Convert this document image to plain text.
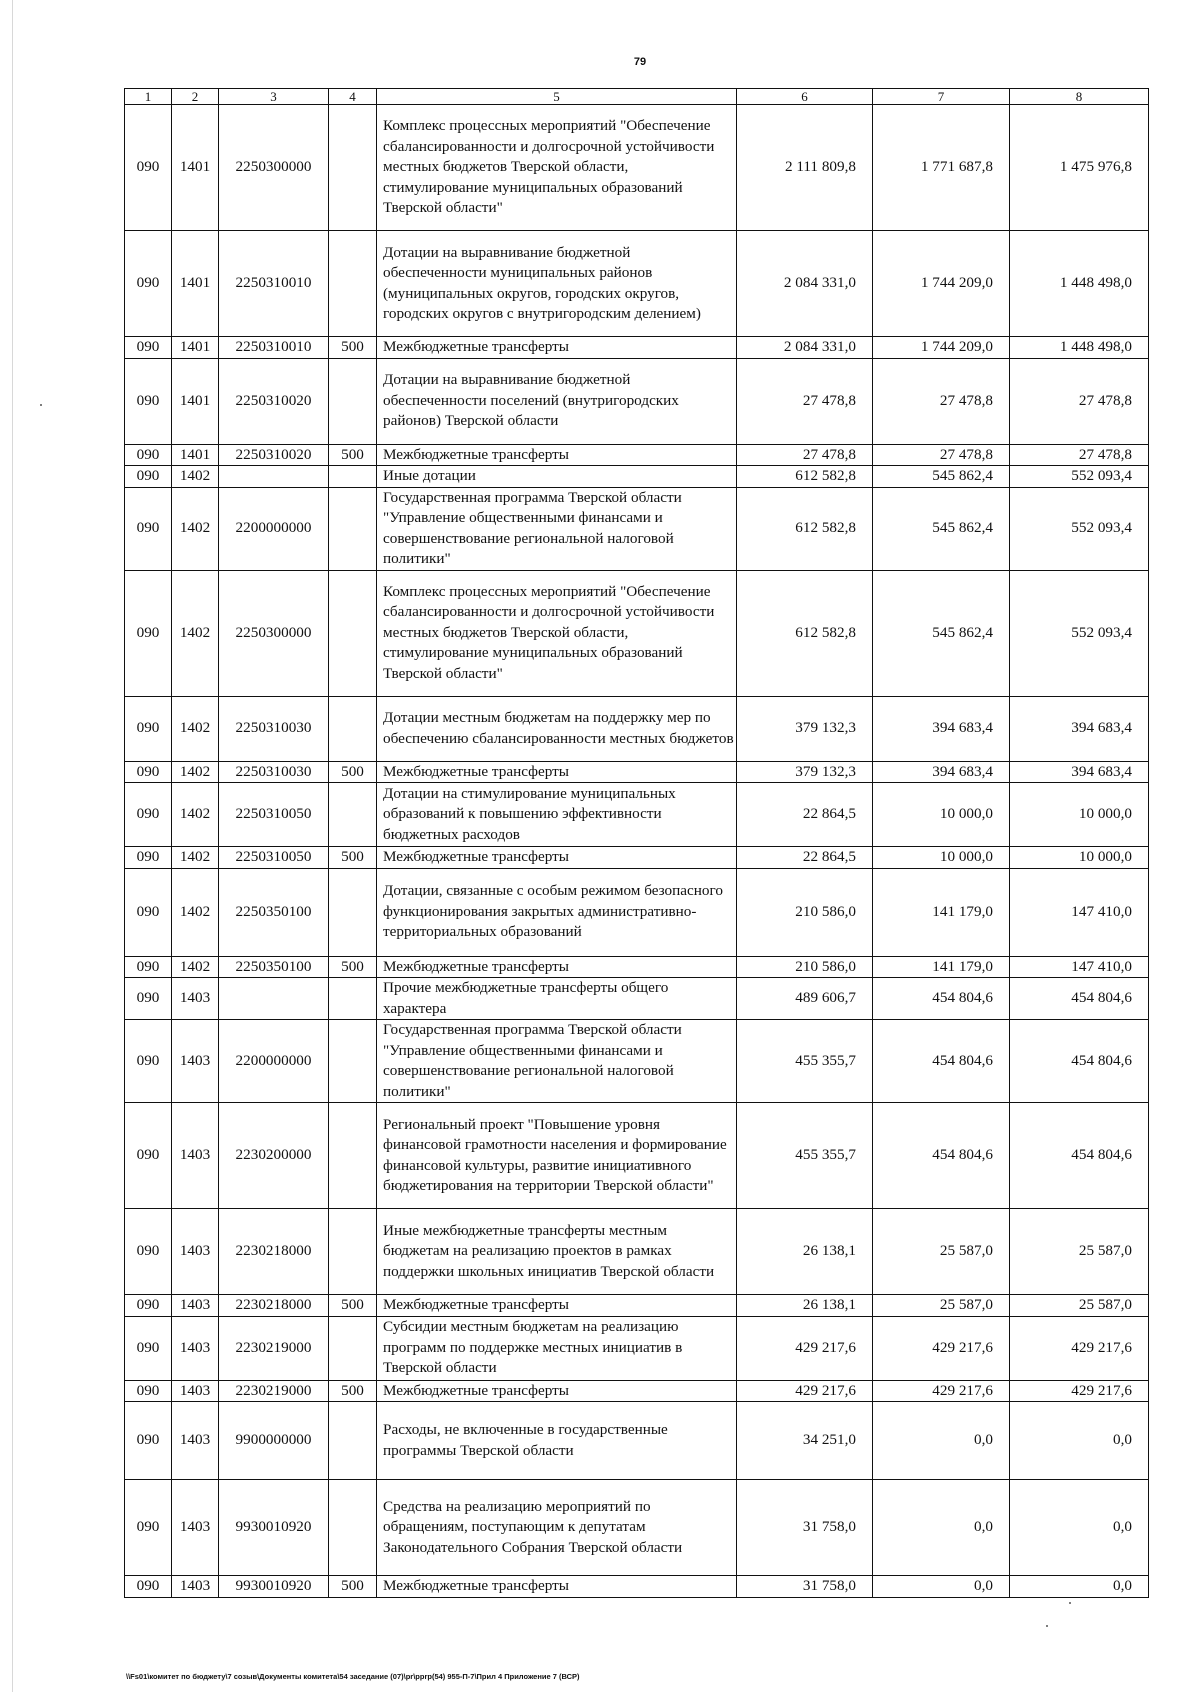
79
1	2	3	4	5	6	7	8
090	1401	2250300000		Комплекс процессных мероприятий "Обеспечение сбалансированности и долгосрочной устойчивости местных бюджетов Тверской области, стимулирование муниципальных образований Тверской области"	2 111 809,8	1 771 687,8	1 475 976,8
090	1401	2250310010		Дотации на выравнивание бюджетной обеспеченности муниципальных районов (муниципальных округов, городских округов, городских округов с внутригородским делением)	2 084 331,0	1 744 209,0	1 448 498,0
090	1401	2250310010	500	Межбюджетные трансферты	2 084 331,0	1 744 209,0	1 448 498,0
090	1401	2250310020		Дотации на выравнивание бюджетной обеспеченности поселений (внутригородских районов) Тверской области	27 478,8	27 478,8	27 478,8
090	1401	2250310020	500	Межбюджетные трансферты	27 478,8	27 478,8	27 478,8
090	1402			Иные дотации	612 582,8	545 862,4	552 093,4
090	1402	2200000000		Государственная программа Тверской области "Управление общественными финансами и совершенствование региональной налоговой политики"	612 582,8	545 862,4	552 093,4
090	1402	2250300000		Комплекс процессных мероприятий "Обеспечение сбалансированности и долгосрочной устойчивости местных бюджетов Тверской области, стимулирование муниципальных образований Тверской области"	612 582,8	545 862,4	552 093,4
090	1402	2250310030		Дотации местным бюджетам на поддержку мер по обеспечению сбалансированности местных бюджетов	379 132,3	394 683,4	394 683,4
090	1402	2250310030	500	Межбюджетные трансферты	379 132,3	394 683,4	394 683,4
090	1402	2250310050		Дотации на стимулирование муниципальных образований к повышению эффективности бюджетных расходов	22 864,5	10 000,0	10 000,0
090	1402	2250310050	500	Межбюджетные трансферты	22 864,5	10 000,0	10 000,0
090	1402	2250350100		Дотации, связанные с особым режимом безопасного функционирования закрытых административно-территориальных образований	210 586,0	141 179,0	147 410,0
090	1402	2250350100	500	Межбюджетные трансферты	210 586,0	141 179,0	147 410,0
090	1403			Прочие межбюджетные трансферты общего характера	489 606,7	454 804,6	454 804,6
090	1403	2200000000		Государственная программа Тверской области "Управление общественными финансами и совершенствование региональной налоговой политики"	455 355,7	454 804,6	454 804,6
090	1403	2230200000		Региональный проект "Повышение уровня финансовой грамотности населения и формирование финансовой культуры, развитие инициативного бюджетирования на территории Тверской области"	455 355,7	454 804,6	454 804,6
090	1403	2230218000		Иные межбюджетные трансферты местным бюджетам на реализацию проектов в рамках поддержки школьных инициатив Тверской области	26 138,1	25 587,0	25 587,0
090	1403	2230218000	500	Межбюджетные трансферты	26 138,1	25 587,0	25 587,0
090	1403	2230219000		Субсидии местным бюджетам на реализацию программ по поддержке местных инициатив в Тверской области	429 217,6	429 217,6	429 217,6
090	1403	2230219000	500	Межбюджетные трансферты	429 217,6	429 217,6	429 217,6
090	1403	9900000000		Расходы, не включенные в государственные программы Тверской области	34 251,0	0,0	0,0
090	1403	9930010920		Средства на реализацию мероприятий по обращениям, поступающим к депутатам Законодательного Собрания Тверской области	31 758,0	0,0	0,0
090	1403	9930010920	500	Межбюджетные трансферты	31 758,0	0,0	0,0
\\Fs01\комитет по бюджету\7 созыв\Документы комитета\54 заседание (07)\pr\pprр(54) 955-П-7\Прил 4 Приложение 7 (ВСР)
